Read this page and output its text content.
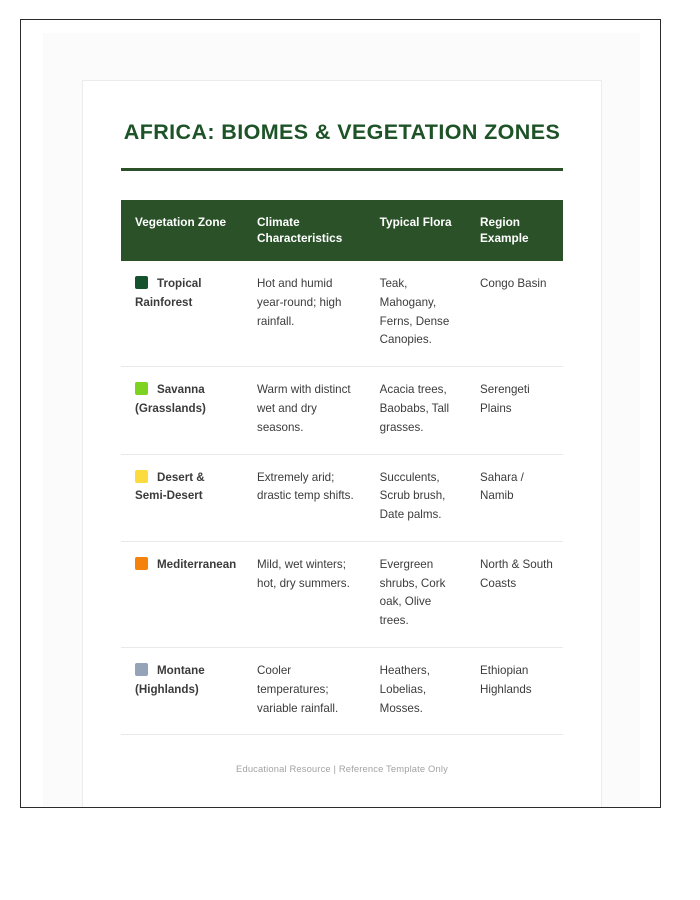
AFRICA: BIOMES & VEGETATION ZONES
Vegetation Zone	Climate Characteristics	Typical Flora	Region Example
Tropical Rainforest	Hot and humid year-round; high rainfall.	Teak, Mahogany, Ferns, Dense Canopies.	Congo Basin
Savanna (Grasslands)	Warm with distinct wet and dry seasons.	Acacia trees, Baobabs, Tall grasses.	Serengeti Plains
Desert & Semi-Desert	Extremely arid; drastic temp shifts.	Succulents, Scrub brush, Date palms.	Sahara / Namib
Mediterranean	Mild, wet winters; hot, dry summers.	Evergreen shrubs, Cork oak, Olive trees.	North & South Coasts
Montane (Highlands)	Cooler temperatures; variable rainfall.	Heathers, Lobelias, Mosses.	Ethiopian Highlands
Educational Resource | Reference Template Only
